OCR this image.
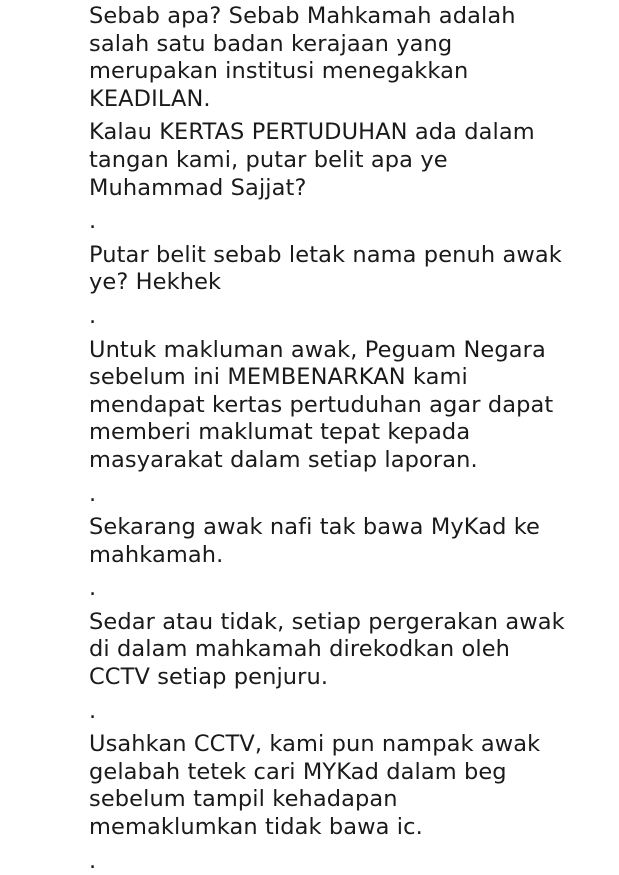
Sebab apa? Sebab Mahkamah adalah
salah satu badan kerajaan yang
merupakan institusi menegakkan
KEADILAN.
Kalau KERTAS PERTUDUHAN ada dalam
tangan kami, putar belit apa ye
Muhammad Sajjat?
.
Putar belit sebab letak nama penuh awak
ye? Hekhek
.
Untuk makluman awak, Peguam Negara
sebelum ini MEMBENARKAN kami
mendapat kertas pertuduhan agar dapat
memberi maklumat tepat kepada
masyarakat dalam setiap laporan.
.
Sekarang awak nafi tak bawa MyKad ke
mahkamah.
.
Sedar atau tidak, setiap pergerakan awak
di dalam mahkamah direkodkan oleh
CCTV setiap penjuru.
.
Usahkan CCTV, kami pun nampak awak
gelabah tetek cari MYKad dalam beg
sebelum tampil kehadapan
memaklumkan tidak bawa ic.
.
